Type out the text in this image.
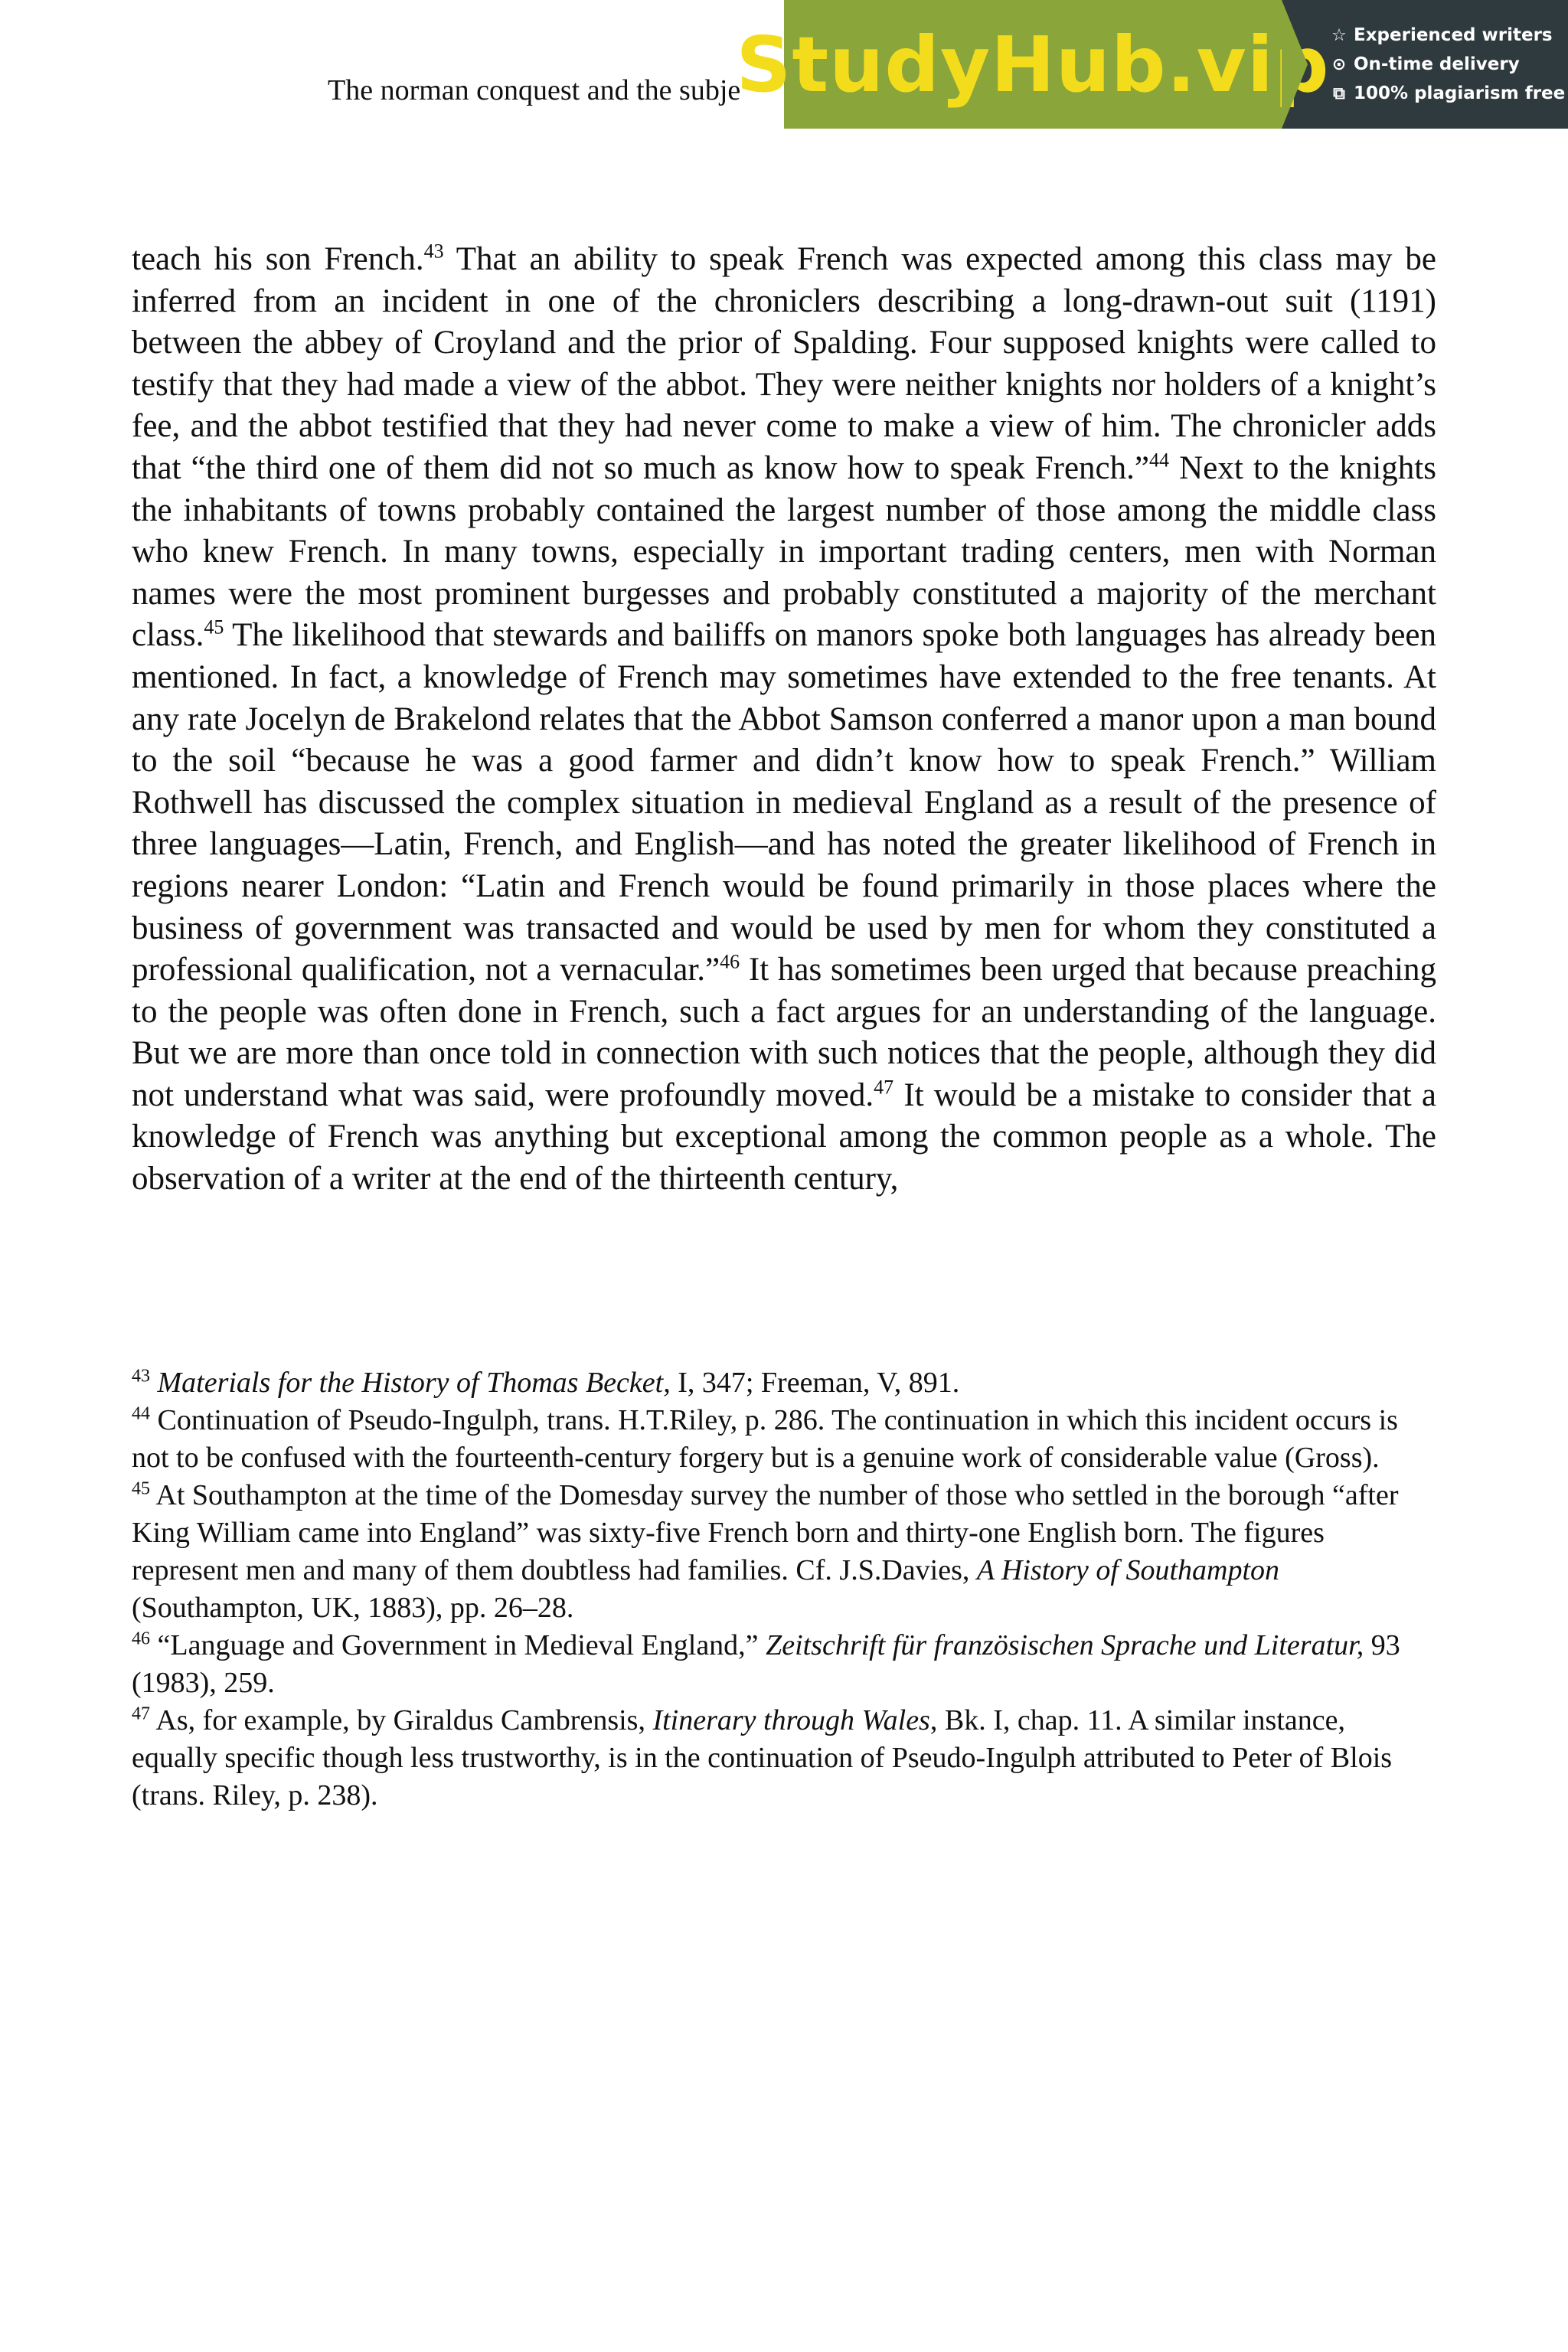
The norman conquest and the subje
StudyHub.vip ☆ Experienced writers
⊙ On-time delivery
⧉ 100% plagiarism free

teach his son French.$^{43}$ That an ability to speak French was expected among this class may be inferred from an incident in one of the chroniclers describing a long-drawn-out suit (1191) between the abbey of Croyland and the prior of Spalding. Four supposed knights were called to testify that they had made a view of the abbot. They were neither knights nor holders of a knight’s fee, and the abbot testified that they had never come to make a view of him. The chronicler adds that “the third one of them did not so much as know how to speak French.”$^{44}$ Next to the knights the inhabitants of towns probably contained the largest number of those among the middle class who knew French. In many towns, especially in important trading centers, men with Norman names were the most prominent burgesses and probably constituted a majority of the merchant class.$^{45}$ The likelihood that stewards and bailiffs on manors spoke both languages has already been mentioned. In fact, a knowledge of French may sometimes have extended to the free tenants. At any rate Jocelyn de Brakelond relates that the Abbot Samson conferred a manor upon a man bound to the soil “because he was a good farmer and didn’t know how to speak French.” William Rothwell has discussed the complex situation in medieval England as a result of the presence of three languages—Latin, French, and English—and has noted the greater likelihood of French in regions nearer London: “Latin and French would be found primarily in those places where the business of government was transacted and would be used by men for whom they constituted a professional qualification, not a vernacular.”$^{46}$ It has sometimes been urged that because preaching to the people was often done in French, such a fact argues for an understanding of the language. But we are more than once told in connection with such notices that the people, although they did not understand what was said, were profoundly moved.$^{47}$ It would be a mistake to consider that a knowledge of French was anything but exceptional among the common people as a whole. The observation of a writer at the end of the thirteenth century,

$^{43}$ Materials for the History of Thomas Becket, I, 347; Freeman, V, 891.

$^{44}$ Continuation of Pseudo-Ingulph, trans. H.T.Riley, p. 286. The continuation in which this incident occurs is not to be confused with the fourteenth-century forgery but is a genuine work of considerable value (Gross).

$^{45}$ At Southampton at the time of the Domesday survey the number of those who settled in the borough “after King William came into England” was sixty-five French born and thirty-one English born. The figures represent men and many of them doubtless had families. Cf. J.S.Davies, A History of Southampton (Southampton, UK, 1883), pp. 26–28.

$^{46}$ “Language and Government in Medieval England,” Zeitschrift für französischen Sprache und Literatur, 93 (1983), 259.

$^{47}$ As, for example, by Giraldus Cambrensis, Itinerary through Wales, Bk. I, chap. 11. A similar instance, equally specific though less trustworthy, is in the continuation of Pseudo-Ingulph attributed to Peter of Blois (trans. Riley, p. 238).
